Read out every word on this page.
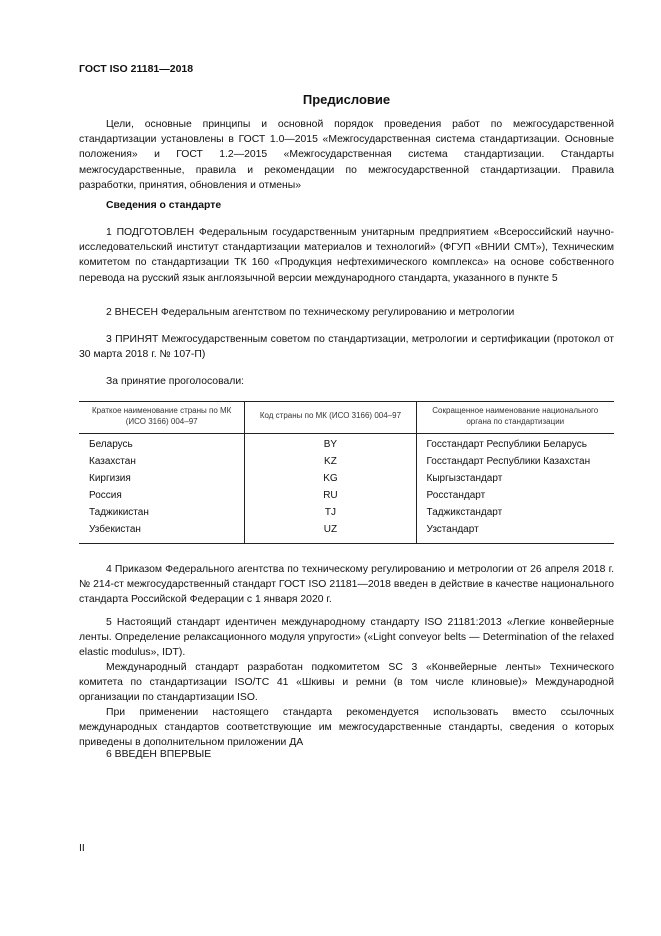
ГОСТ ISO 21181—2018
Предисловие

Цели, основные принципы и основной порядок проведения работ по межгосударственной стандартизации установлены в ГОСТ 1.0—2015 «Межгосударственная система стандартизации. Основные положения» и ГОСТ 1.2—2015 «Межгосударственная система стандартизации. Стандарты межгосударственные, правила и рекомендации по межгосударственной стандартизации. Правила разработки, принятия, обновления и отмены»

Сведения о стандарте

1 ПОДГОТОВЛЕН Федеральным государственным унитарным предприятием «Всероссийский научно-исследовательский институт стандартизации материалов и технологий» (ФГУП «ВНИИ СМТ»), Техническим комитетом по стандартизации ТК 160 «Продукция нефтехимического комплекса» на основе собственного перевода на русский язык англоязычной версии международного стандарта, указанного в пункте 5

2 ВНЕСЕН Федеральным агентством по техническому регулированию и метрологии

3 ПРИНЯТ Межгосударственным советом по стандартизации, метрологии и сертификации (протокол от 30 марта 2018 г. № 107-П)

За принятие проголосовали:

Краткое наименование страны по МК (ИСО 3166) 004–97	Код страны по МК (ИСО 3166) 004–97	Сокращенное наименование национального органа по стандартизации
Беларусь	BY	Госстандарт Республики Беларусь
Казахстан	KZ	Госстандарт Республики Казахстан
Киргизия	KG	Кыргызстандарт
Россия	RU	Росстандарт
Таджикистан	TJ	Таджикстандарт
Узбекистан	UZ	Узстандарт

4 Приказом Федерального агентства по техническому регулированию и метрологии от 26 апреля 2018 г. № 214-ст межгосударственный стандарт ГОСТ ISO 21181—2018 введен в действие в качестве национального стандарта Российской Федерации с 1 января 2020 г.

5 Настоящий стандарт идентичен международному стандарту ISO 21181:2013 «Легкие конвейерные ленты. Определение релаксационного модуля упругости» («Light conveyor belts — Determination of the relaxed elastic modulus», IDT).

Международный стандарт разработан подкомитетом SC 3 «Конвейерные ленты» Технического комитета по стандартизации ISO/TC 41 «Шкивы и ремни (в том числе клиновые)» Международной организации по стандартизации ISO.

При применении настоящего стандарта рекомендуется использовать вместо ссылочных международных стандартов соответствующие им межгосударственные стандарты, сведения о которых приведены в дополнительном приложении ДА

6 ВВЕДЕН ВПЕРВЫЕ

II
